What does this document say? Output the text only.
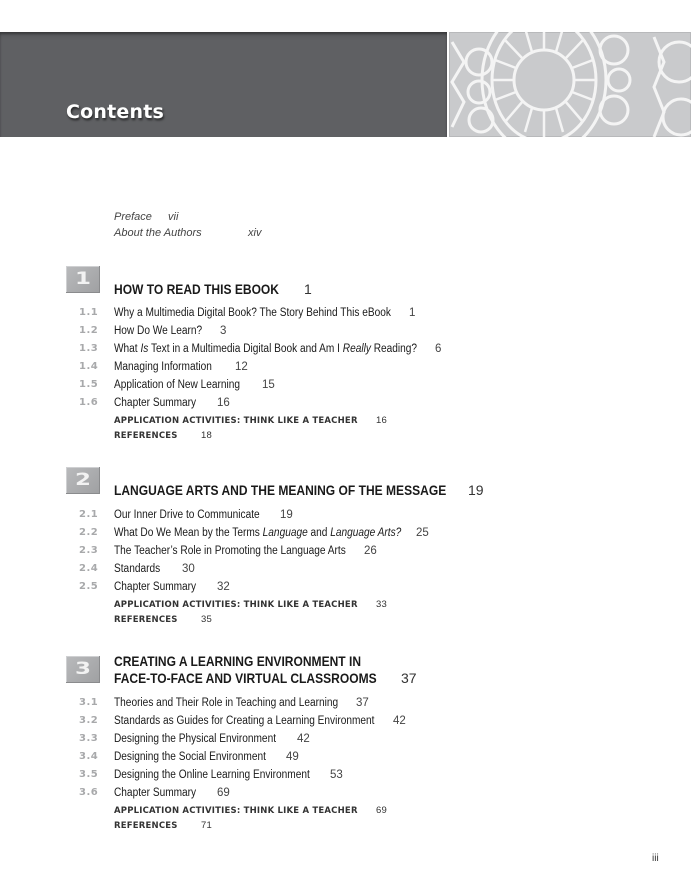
Contents
Preface vii
About the Authors	xiv
1	HOW TO READ THIS EBOOK 1
1.1 Why a Multimedia Digital Book? The Story Behind This eBook 1
1.2 How Do We Learn? 3
1.3 What Is Text in a Multimedia Digital Book and Am I Really Reading? 6
1.4 Managing Information 12
1.5 Application of New Learning 15
1.6 Chapter Summary 16
APPLICATION ACTIVITIES: THINK LIKE A TEACHER 16
REFERENCES 18
2	LANGUAGE ARTS AND THE MEANING OF THE MESSAGE 19
2.1 Our Inner Drive to Communicate 19
2.2 What Do We Mean by the Terms Language and Language Arts? 25
2.3 The Teacher’s Role in Promoting the Language Arts 26
2.4 Standards 30
2.5 Chapter Summary 32
APPLICATION ACTIVITIES: THINK LIKE A TEACHER 33
REFERENCES 35
3	CREATING A LEARNING ENVIRONMENT IN
FACE-TO-FACE AND VIRTUAL CLASSROOMS 37
3.1 Theories and Their Role in Teaching and Learning 37
3.2 Standards as Guides for Creating a Learning Environment 42
3.3 Designing the Physical Environment 42
3.4 Designing the Social Environment 49
3.5 Designing the Online Learning Environment 53
3.6 Chapter Summary 69
APPLICATION ACTIVITIES: THINK LIKE A TEACHER 69
REFERENCES 71
iii
